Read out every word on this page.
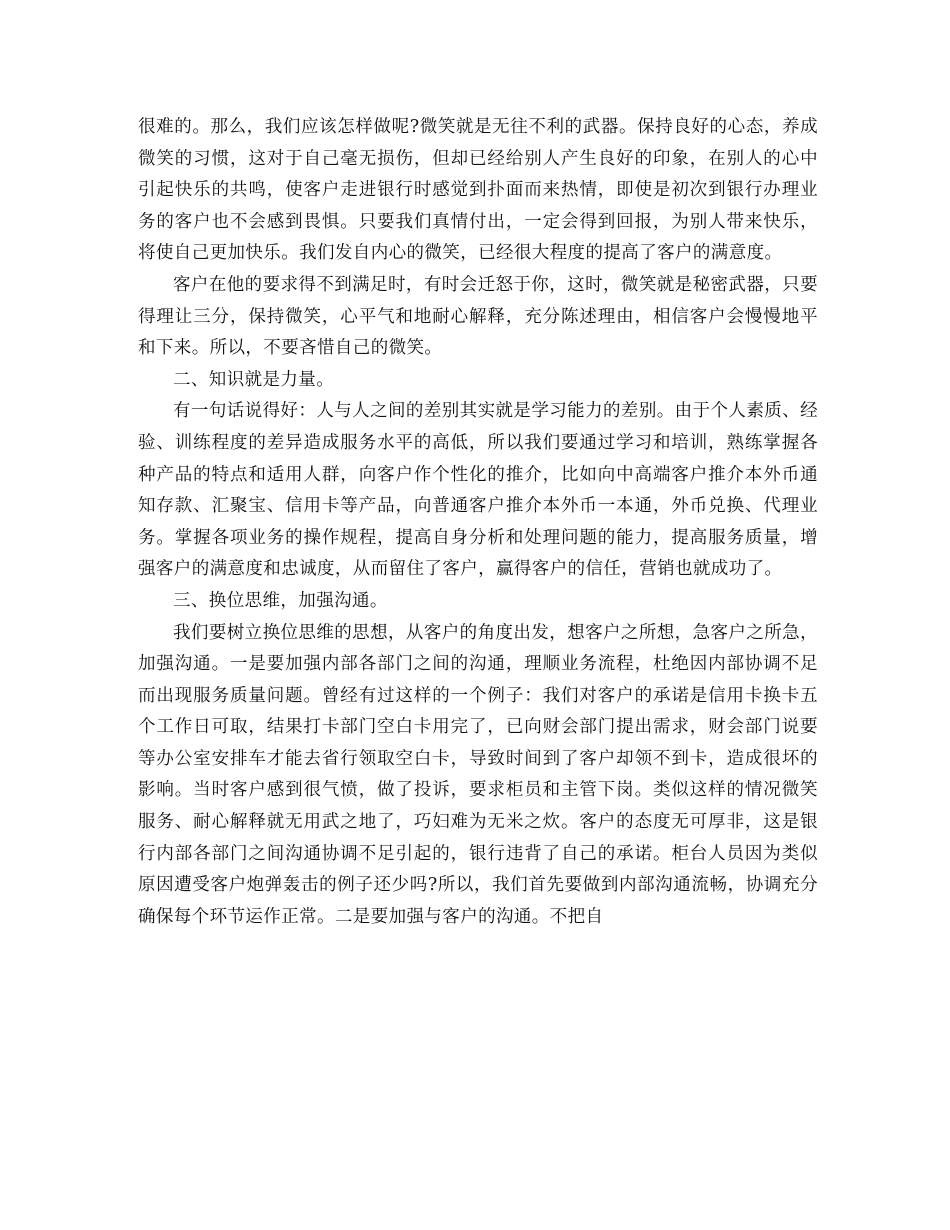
很难的。那么，我们应该怎样做呢?微笑就是无往不利的武器。保持良好的心态，养成微笑的习惯，这对于自己毫无损伤，但却已经给别人产生良好的印象，在别人的心中引起快乐的共鸣，使客户走进银行时感觉到扑面而来热情，即使是初次到银行办理业务的客户也不会感到畏惧。只要我们真情付出，一定会得到回报，为别人带来快乐，将使自己更加快乐。我们发自内心的微笑，已经很大程度的提高了客户的满意度。

客户在他的要求得不到满足时，有时会迁怒于你，这时，微笑就是秘密武器，只要得理让三分，保持微笑，心平气和地耐心解释，充分陈述理由，相信客户会慢慢地平和下来。所以，不要吝惜自己的微笑。

二、知识就是力量。

有一句话说得好：人与人之间的差别其实就是学习能力的差别。由于个人素质、经验、训练程度的差异造成服务水平的高低，所以我们要通过学习和培训，熟练掌握各种产品的特点和适用人群，向客户作个性化的推介，比如向中高端客户推介本外币通知存款、汇聚宝、信用卡等产品，向普通客户推介本外币一本通，外币兑换、代理业务。掌握各项业务的操作规程，提高自身分析和处理问题的能力，提高服务质量，增强客户的满意度和忠诚度，从而留住了客户，赢得客户的信任，营销也就成功了。

三、换位思维，加强沟通。

我们要树立换位思维的思想，从客户的角度出发，想客户之所想，急客户之所急，加强沟通。一是要加强内部各部门之间的沟通，理顺业务流程，杜绝因内部协调不足而出现服务质量问题。曾经有过这样的一个例子：我们对客户的承诺是信用卡换卡五个工作日可取，结果打卡部门空白卡用完了，已向财会部门提出需求，财会部门说要等办公室安排车才能去省行领取空白卡，导致时间到了客户却领不到卡，造成很坏的影响。当时客户感到很气愤，做了投诉，要求柜员和主管下岗。类似这样的情况微笑服务、耐心解释就无用武之地了，巧妇难为无米之炊。客户的态度无可厚非，这是银行内部各部门之间沟通协调不足引起的，银行违背了自己的承诺。柜台人员因为类似原因遭受客户炮弹轰击的例子还少吗?所以，我们首先要做到内部沟通流畅，协调充分确保每个环节运作正常。二是要加强与客户的沟通。不把自
